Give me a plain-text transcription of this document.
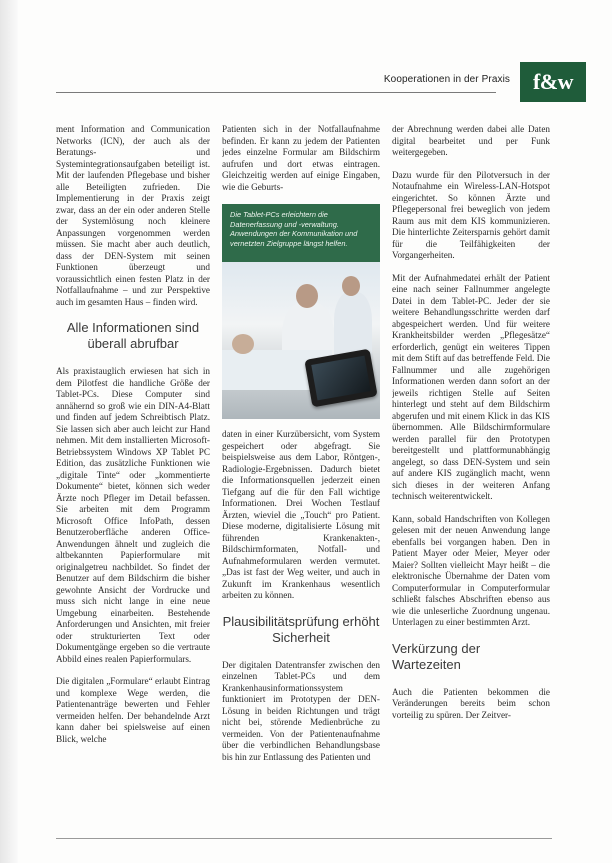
Kooperationen in der Praxis	f&w

ment Information and Communication Networks (ICN), der auch als der Beratungs- und Systemintegrationsaufgaben beteiligt ist. Mit der laufenden Pflegebase und bisher alle Beteiligten zufrieden. Die Implementierung in der Praxis zeigt zwar, dass an der ein oder anderen Stelle der Systemlösung noch kleinere Anpassungen vorgenommen werden müssen. Sie macht aber auch deutlich, dass der DEN-System mit seinen Funktionen überzeugt und voraussichtlich einen festen Platz in der Notfallaufnahme – und zur Perspektive auch im gesamten Haus – finden wird.

Alle Informationen sind überall abrufbar

Als praxistauglich erwiesen hat sich in dem Pilotfest die handliche Größe der Tablet-PCs. Diese Computer sind annähernd so groß wie ein DIN-A4-Blatt und finden auf jedem Schreibtisch Platz. Sie lassen sich aber auch leicht zur Hand nehmen. Mit dem installierten Microsoft-Betriebssystem Windows XP Tablet PC Edition, das zusätzliche Funktionen wie „digitale Tinte“ oder „kommentierte Dokumente“ bietet, können sich weder Ärzte noch Pfleger im Detail befassen. Sie arbeiten mit dem Programm Microsoft Office InfoPath, dessen Benutzeroberfläche anderen Office-Anwendungen ähnelt und zugleich die altbekannten Papierformulare mit originalgetreu nachbildet. So findet der Benutzer auf dem Bildschirm die bisher gewohnte Ansicht der Vordrucke und muss sich nicht lange in eine neue Umgebung einarbeiten. Bestehende Anforderungen und Ansichten, mit freier oder strukturierten Text oder Dokumentgänge ergeben so die vertraute Abbild eines realen Papierformulars.

Die digitalen „Formulare“ erlaubt Eintrag und komplexe Wege werden, die Patientenanträge bewerten und Fehler vermeiden helfen. Der behandelnde Arzt kann daher bei spielsweise auf einen Blick, welche

Patienten sich in der Notfallaufnahme befinden. Er kann zu jedem der Patienten jedes einzelne Formular am Bildschirm aufrufen und dort etwas eintragen. Gleichzeitig werden auf einige Eingaben, wie die Geburts-

Die Tablet-PCs erleichtern die Datenerfassung und -verwaltung. Anwendungen der Kommunikation und vernetzten Zielgruppe längst helfen.

daten in einer Kurzübersicht, vom System gespeichert oder abgefragt. Sie beispielsweise aus dem Labor, Röntgen-, Radiologie-Ergebnissen. Dadurch bietet die Informationsquellen jederzeit einen Tiefgang auf die für den Fall wichtige Informationen. Drei Wochen Testlauf Ärzten, wieviel die „Touch“ pro Patient. Diese moderne, digitalisierte Lösung mit führenden Krankenakten-, Bildschirmformaten, Notfall- und Aufnahmeformularen werden vermutet. „Das ist fast der Weg weiter, und auch in Zukunft im Krankenhaus wesentlich arbeiten zu können.

Plausibilitätsprüfung erhöht Sicherheit

Der digitalen Datentransfer zwischen den einzelnen Tablet-PCs und dem Krankenhausinformationssystem funktioniert im Prototypen der DEN-Lösung in beiden Richtungen und trägt nicht bei, störende Medienbrüche zu vermeiden. Von der Patientenaufnahme über die verbindlichen Behandlungsbase bis hin zur Entlassung des Patienten und

der Abrechnung werden dabei alle Daten digital bearbeitet und per Funk weitergegeben.

Dazu wurde für den Pilotversuch in der Notaufnahme ein Wireless-LAN-Hotspot eingerichtet. So können Ärzte und Pflegepersonal frei beweglich von jedem Raum aus mit dem KIS kommunizieren. Die hinterlichte Zeitersparnis gehört damit für die Teilfähigkeiten der Vorgangerheiten.

Mit der Aufnahmedatei erhält der Patient eine nach seiner Fallnummer angelegte Datei in dem Tablet-PC. Jeder der sie weitere Behandlungsschritte werden darf abgespeichert werden. Und für weitere Krankheitsbilder werden „Pflegesätze“ erforderlich, genügt ein weiteres Tippen mit dem Stift auf das betreffende Feld. Die Fallnummer und alle zugehörigen Informationen werden dann sofort an der jeweils richtigen Stelle auf Seiten hinterlegt und steht auf dem Bildschirm abgerufen und mit einem Klick in das KIS übernommen. Alle Bildschirmformulare werden parallel für den Prototypen bereitgestellt und plattformunabhängig angelegt, so dass DEN-System und sein auf andere KIS zugänglich macht, wenn sich dieses in der weiteren Anfang technisch weiterentwickelt.

Kann, sobald Handschriften von Kollegen gelesen mit der neuen Anwendung lange ebenfalls bei vorgangen haben. Den in Patient Mayer oder Meier, Meyer oder Maier? Sollten vielleicht Mayr heißt – die elektronische Übernahme der Daten vom Computerformular in Computerformular schließt falsches Abschriften ebenso aus wie die unleserliche Zuordnung ungenau. Unterlagen zu einer bestimmten Arzt.

Verkürzung der Wartezeiten

Auch die Patienten bekommen die Veränderungen bereits beim schon vorteilig zu spüren. Der Zeitver-
